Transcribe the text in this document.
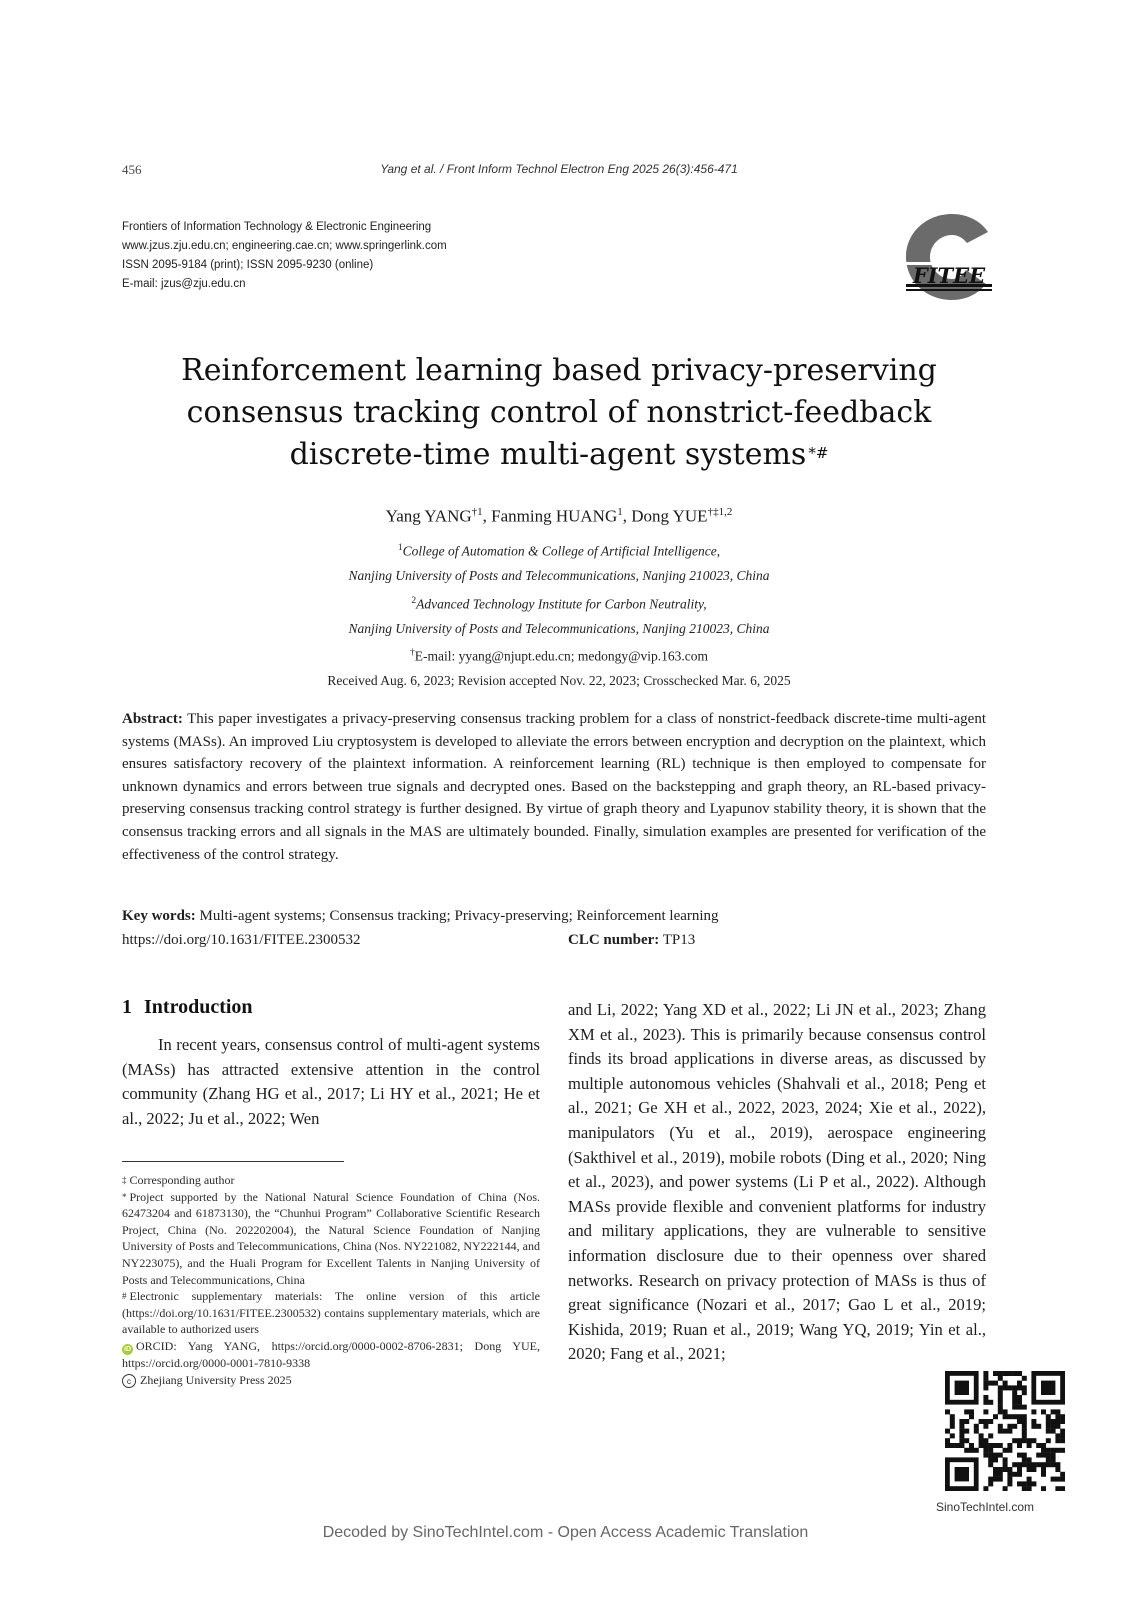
456	Yang et al. / Front Inform Technol Electron Eng 2025 26(3):456-471
Frontiers of Information Technology & Electronic Engineering
www.jzus.zju.edu.cn; engineering.cae.cn; www.springerlink.com
ISSN 2095-9184 (print); ISSN 2095-9230 (online)
E-mail: jzus@zju.edu.cn	FITEE
Reinforcement learning based privacy-preserving
consensus tracking control of nonstrict-feedback
discrete-time multi-agent systems *#
Yang YANG$^{\dagger 1}$, Fanming HUANG$^1$, Dong YUE$^{\dagger\ddagger 1,2}$
$^1$College of Automation & College of Artificial Intelligence,
Nanjing University of Posts and Telecommunications, Nanjing 210023, China
$^2$Advanced Technology Institute for Carbon Neutrality,
Nanjing University of Posts and Telecommunications, Nanjing 210023, China
†E-mail: yyang@njupt.edu.cn; medongy@vip.163.com
Received Aug. 6, 2023; Revision accepted Nov. 22, 2023; Crosschecked Mar. 6, 2025

Abstract: This paper investigates a privacy-preserving consensus tracking problem for a class of nonstrict-feedback discrete-time multi-agent systems (MASs). An improved Liu cryptosystem is developed to alleviate the errors between encryption and decryption on the plaintext, which ensures satisfactory recovery of the plaintext information. A reinforcement learning (RL) technique is then employed to compensate for unknown dynamics and errors between true signals and decrypted ones. Based on the backstepping and graph theory, an RL-based privacy-preserving consensus tracking control strategy is further designed. By virtue of graph theory and Lyapunov stability theory, it is shown that the consensus tracking errors and all signals in the MAS are ultimately bounded. Finally, simulation examples are presented for verification of the effectiveness of the control strategy.

Key words: Multi-agent systems; Consensus tracking; Privacy-preserving; Reinforcement learning
https://doi.org/10.1631/FITEE.2300532	CLC number: TP13
1 Introduction

In recent years, consensus control of multi-agent systems (MASs) has attracted extensive attention in the control community (Zhang HG et al., 2017; Li HY et al., 2021; He et al., 2022; Ju et al., 2022; Wen

‡ Corresponding author

* Project supported by the National Natural Science Foundation of China (Nos. 62473204 and 61873130), the “Chunhui Program” Collaborative Scientific Research Project, China (No. 202202004), the Natural Science Foundation of Nanjing University of Posts and Telecommunications, China (Nos. NY221082, NY222144, and NY223075), and the Huali Program for Excellent Talents in Nanjing University of Posts and Telecommunications, China

# Electronic supplementary materials: The online version of this article (https://doi.org/10.1631/FITEE.2300532) contains supplementary materials, which are available to authorized users

iD ORCID: Yang YANG, https://orcid.org/0000-0002-8706-2831; Dong YUE, https://orcid.org/0000-0001-7810-9338

c Zhejiang University Press 2025

and Li, 2022; Yang XD et al., 2022; Li JN et al., 2023; Zhang XM et al., 2023). This is primarily because consensus control finds its broad applications in diverse areas, as discussed by multiple autonomous vehicles (Shahvali et al., 2018; Peng et al., 2021; Ge XH et al., 2022, 2023, 2024; Xie et al., 2022), manipulators (Yu et al., 2019), aerospace engineering (Sakthivel et al., 2019), mobile robots (Ding et al., 2020; Ning et al., 2023), and power systems (Li P et al., 2022). Although MASs provide flexible and convenient platforms for industry and military applications, they are vulnerable to sensitive information disclosure due to their openness over shared networks. Research on privacy protection of MASs is thus of great significance (Nozari et al., 2017; Gao L et al., 2019; Kishida, 2019; Ruan et al., 2019; Wang YQ, 2019; Yin et al., 2020; Fang et al., 2021;

SinoTechIntel.com
Decoded by SinoTechIntel.com - Open Access Academic Translation
